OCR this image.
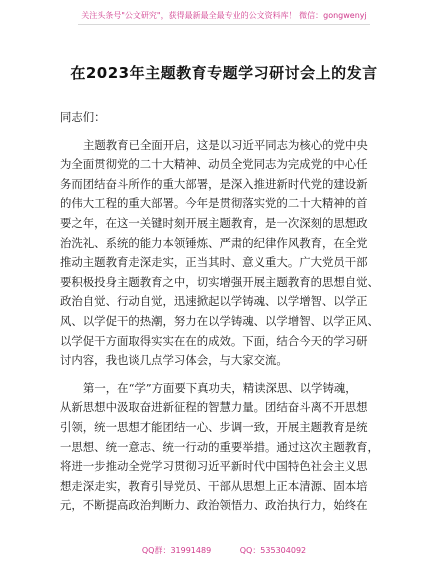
关注头条号"公文研究"，获得最新最全最专业的公文资料库！ 微信：gongwenyj
在2023年主题教育专题学习研讨会上的发言
同志们：
主题教育已全面开启，这是以习近平同志为核心的党中央
为全面贯彻党的二十大精神、动员全党同志为完成党的中心任
务而团结奋斗所作的重大部署，是深入推进新时代党的建设新
的伟大工程的重大部署。今年是贯彻落实党的二十大精神的首
要之年，在这一关键时刻开展主题教育，是一次深刻的思想政
治洗礼、系统的能力本领锤炼、严肃的纪律作风教育，在全党
推动主题教育走深走实，正当其时、意义重大。广大党员干部
要积极投身主题教育之中，切实增强开展主题教育的思想自觉、
政治自觉、行动自觉，迅速掀起以学铸魂、以学增智、以学正
风、以学促干的热潮，努力在以学铸魂、以学增智、以学正风、
以学促干方面取得实实在在的成效。下面，结合今天的学习研
讨内容，我也谈几点学习体会，与大家交流。
第一，在“学”方面要下真功夫，精读深思、以学铸魂，
从新思想中汲取奋进新征程的智慧力量。团结奋斗离不开思想
引领，统一思想才能团结一心、步调一致，开展主题教育是统
一思想、统一意志、统一行动的重要举措。通过这次主题教育，
将进一步推动全党学习贯彻习近平新时代中国特色社会主义思
想走深走实，教育引导党员、干部从思想上正本清源、固本培
元，不断提高政治判断力、政治领悟力、政治执行力，始终在
QQ群：31991489	QQ：535304092
